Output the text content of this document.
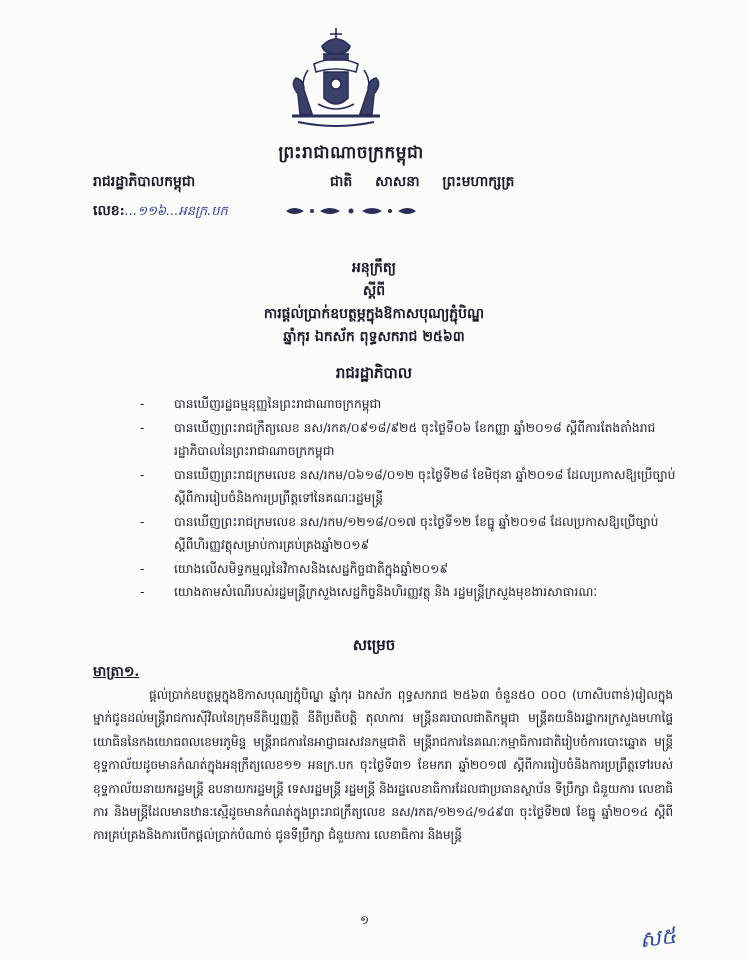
ព្រះរាជាណាចក្រកម្ពុជា
រាជរដ្ឋាភិបាលកម្ពុជា	ជាតិ សាសនា ព្រះមហាក្សត្រ
លេខ:...១១៦...អនក្រ.បក
អនុក្រឹត្យ
ស្តីពី
ការផ្តល់ប្រាក់ឧបត្ថម្ភក្នុងឱកាសបុណ្យភ្ជុំបិណ្ឌ
ឆ្នាំកុរ ឯកស័ក ពុទ្ធសករាជ ២៥៦៣
រាជរដ្ឋាភិបាល
- បានឃើញរដ្ឋធម្មនុញ្ញនៃព្រះរាជាណាចក្រកម្ពុជា
- បានឃើញព្រះរាជក្រឹត្យលេខ នស/រកត/០៩១៨/៩២៥ ចុះថ្ងៃទី០៦ ខែកញ្ញា ឆ្នាំ២០១៨ ស្តីពីការតែងតាំងរាជរដ្ឋាភិបាលនៃព្រះរាជាណាចក្រកម្ពុជា
- បានឃើញព្រះរាជក្រមលេខ នស/រកម/០៦១៨/០១២ ចុះថ្ងៃទី២៨ ខែមិថុនា ឆ្នាំ២០១៨ ដែលប្រកាសឱ្យប្រើច្បាប់ស្តីពីការរៀបចំនិងការប្រព្រឹត្តទៅនៃគណៈរដ្ឋមន្ត្រី
- បានឃើញព្រះរាជក្រមលេខ នស/រកម/១២១៨/០១៧ ចុះថ្ងៃទី១២ ខែធ្នូ ឆ្នាំ២០១៨ ដែលប្រកាសឱ្យប្រើច្បាប់ស្តីពីហិរញ្ញវត្ថុសម្រាប់ការគ្រប់គ្រងឆ្នាំ២០១៩
- យោងលើសមិទ្ធកម្មល្អនៃវិកាសនិងសេដ្ឋកិច្ចជាតិក្នុងឆ្នាំ២០១៩
- យោងតាមសំណើរបស់រដ្ឋមន្ត្រីក្រសួងសេដ្ឋកិច្ចនិងហិរញ្ញវត្ថុ និង រដ្ឋមន្ត្រីក្រសួងមុខងារសាធារណៈ
សម្រេច
មាត្រា១.

ផ្តល់ប្រាក់ឧបត្ថម្ភក្នុងឱកាសបុណ្យភ្ជុំបិណ្ឌ ឆ្នាំកុរ ឯកស័ក ពុទ្ធសករាជ ២៥៦៣ ចំនួន៥០ ០០០ (ហាសិបពាន់)រៀលក្នុងម្នាក់ជូនដល់មន្ត្រីរាជការស៊ីវិលនៃក្រុមនីតិប្បញ្ញត្តិ នីតិប្រតិបត្តិ តុលាការ មន្ត្រីនគរបាលជាតិកម្ពុជា មន្ត្រីគយនិងរដ្ឋាករក្រសួងមហាផ្ទៃ យោធិននៃកងយោធពលខេមរភូមិន្ទ មន្ត្រីរាជការនៃអាជ្ញាធរសវនកម្មជាតិ មន្ត្រីរាជការនៃគណៈកម្មាធិការជាតិរៀបចំការបោះឆ្នោត មន្ត្រីខុទ្ទកាល័យដូចមានកំណត់ក្នុងអនុក្រឹត្យលេខ១១ អនក្រ.បក ចុះថ្ងៃទី៣១ ខែមករា ឆ្នាំ២០១៧ ស្តីពីការរៀបចំនិងការប្រព្រឹត្តទៅរបស់ខុទ្ទកាល័យនាយករដ្ឋមន្ត្រី ឧបនាយករដ្ឋមន្ត្រី ទេសរដ្ឋមន្ត្រី រដ្ឋមន្ត្រី និងរដ្ឋលេខាធិការដែលជាប្រធានស្ថាប័ន ទីប្រឹក្សា ជំនួយការ លេខាធិការ និងមន្ត្រីដែលមានឋានៈស្មើដូចមានកំណត់ក្នុងព្រះរាជក្រឹត្យលេខ នស/រកត/១២១៤/១៤៩៣ ចុះថ្ងៃទី២៧ ខែធ្នូ ឆ្នាំ២០១៤ ស្តីពីការគ្រប់គ្រងនិងការបើកផ្តល់ប្រាក់បំណាច់ ជូនទីប្រឹក្សា ជំនួយការ លេខាធិការ និងមន្ត្រី

១
ស៥
